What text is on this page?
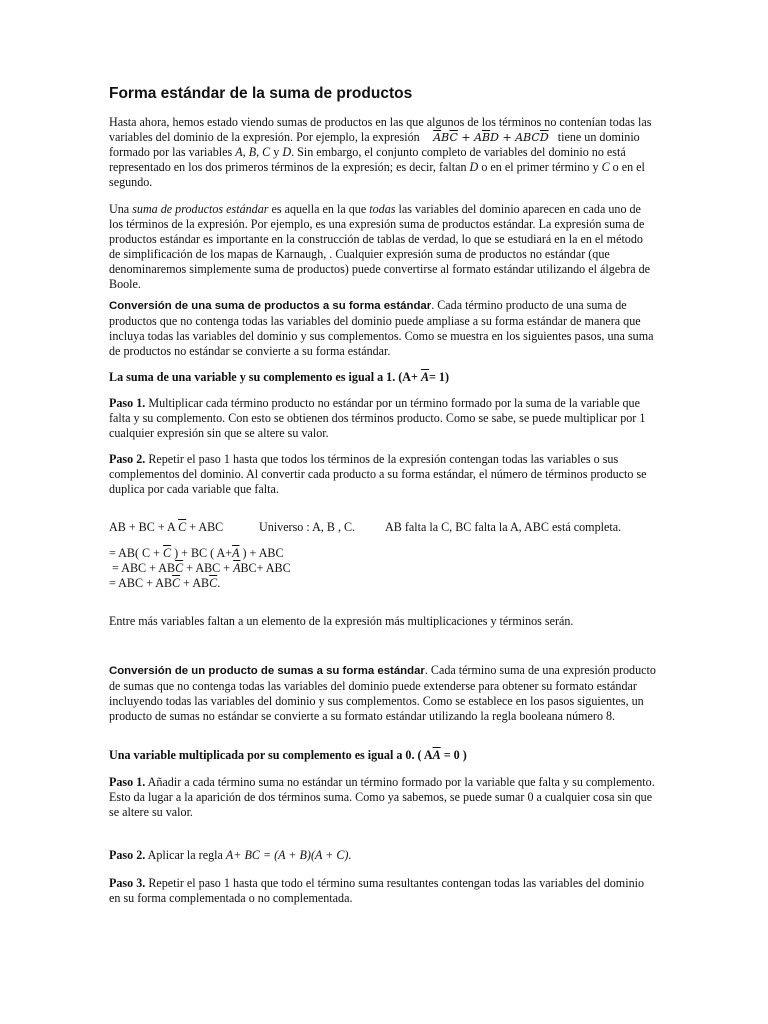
Forma estándar de la suma de productos
Hasta ahora, hemos estado viendo sumas de productos en las que algunos de los términos no contenían todas las variables del dominio de la expresión. Por ejemplo, la expresión $\overline{A}B\overline{C} + A\overline{B}D + ABC\overline{D}$ tiene un dominio formado por las variables A, B, C y D. Sin embargo, el conjunto completo de variables del dominio no está representado en los dos primeros términos de la expresión; es decir, faltan D o en el primer término y C o en el segundo.
Una suma de productos estándar es aquella en la que todas las variables del dominio aparecen en cada uno de los términos de la expresión. Por ejemplo, es una expresión suma de productos estándar. La expresión suma de productos estándar es importante en la construcción de tablas de verdad, lo que se estudiará en la en el método de simplificación de los mapas de Karnaugh, . Cualquier expresión suma de productos no estándar (que denominaremos simplemente suma de productos) puede convertirse al formato estándar utilizando el álgebra de Boole.
Conversión de una suma de productos a su forma estándar. Cada término producto de una suma de productos que no contenga todas las variables del dominio puede ampliase a su forma estándar de manera que incluya todas las variables del dominio y sus complementos. Como se muestra en los siguientes pasos, una suma de productos no estándar se convierte a su forma estándar.
La suma de una variable y su complemento es igual a 1. $(A+ \overline{A}= 1)$
Paso 1. Multiplicar cada término producto no estándar por un término formado por la suma de la variable que falta y su complemento. Con esto se obtienen dos términos producto. Como se sabe, se puede multiplicar por 1 cualquier expresión sin que se altere su valor.
Paso 2. Repetir el paso 1 hasta que todos los términos de la expresión contengan todas las variables o sus complementos del dominio. Al convertir cada producto a su forma estándar, el número de términos producto se duplica por cada variable que falta.
AB + BC + A $\overline{C}$ + ABC	Universo : A, B , C. AB falta la C, BC falta la A, ABC está completa.
= AB( $C + \overline{C}$ ) + BC ( $A+\overline{A}$ ) + ABC
= ABC + $AB\overline{C}$ + ABC + $\overline{A}BC+$ ABC
= ABC + $AB\overline{C} + AB\overline{C}$.
Entre más variables faltan a un elemento de la expresión más multiplicaciones y términos serán.
Conversión de un producto de sumas a su forma estándar. Cada término suma de una expresión producto de sumas que no contenga todas las variables del dominio puede extenderse para obtener su formato estándar incluyendo todas las variables del dominio y sus complementos. Como se establece en los pasos siguientes, un producto de sumas no estándar se convierte a su formato estándar utilizando la regla booleana número 8.
Una variable multiplicada por su complemento es igual a 0. ( $A\overline{A} = 0$ )
Paso 1. Añadir a cada término suma no estándar un término formado por la variable que falta y su complemento.
Esto da lugar a la aparición de dos términos suma. Como ya sabemos, se puede sumar 0 a cualquier cosa sin que se altere su valor.
Paso 2. Aplicar la regla A+ BC = (A + B)(A + C).
Paso 3. Repetir el paso 1 hasta que todo el término suma resultantes contengan todas las variables del dominio en su forma complementada o no complementada.
